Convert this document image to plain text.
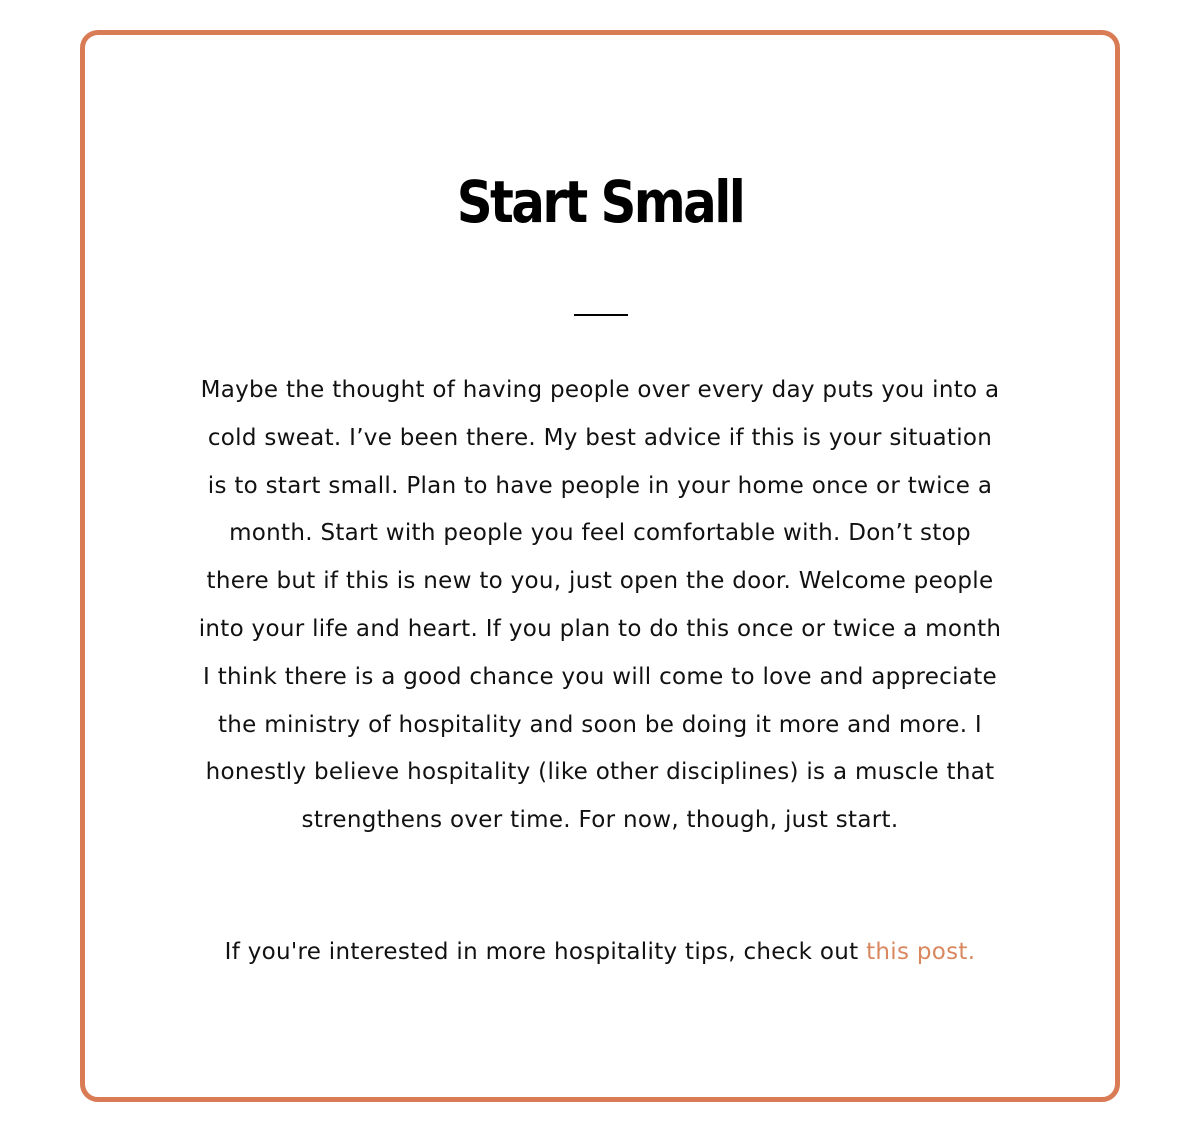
Start Small

Maybe the thought of having people over every day puts you into a cold sweat. I’ve been there. My best advice if this is your situation is to start small. Plan to have people in your home once or twice a month. Start with people you feel comfortable with. Don’t stop there but if this is new to you, just open the door. Welcome people into your life and heart. If you plan to do this once or twice a month I think there is a good chance you will come to love and appreciate the ministry of hospitality and soon be doing it more and more. I honestly believe hospitality (like other disciplines) is a muscle that strengthens over time. For now, though, just start.

If you're interested in more hospitality tips, check out this post.
